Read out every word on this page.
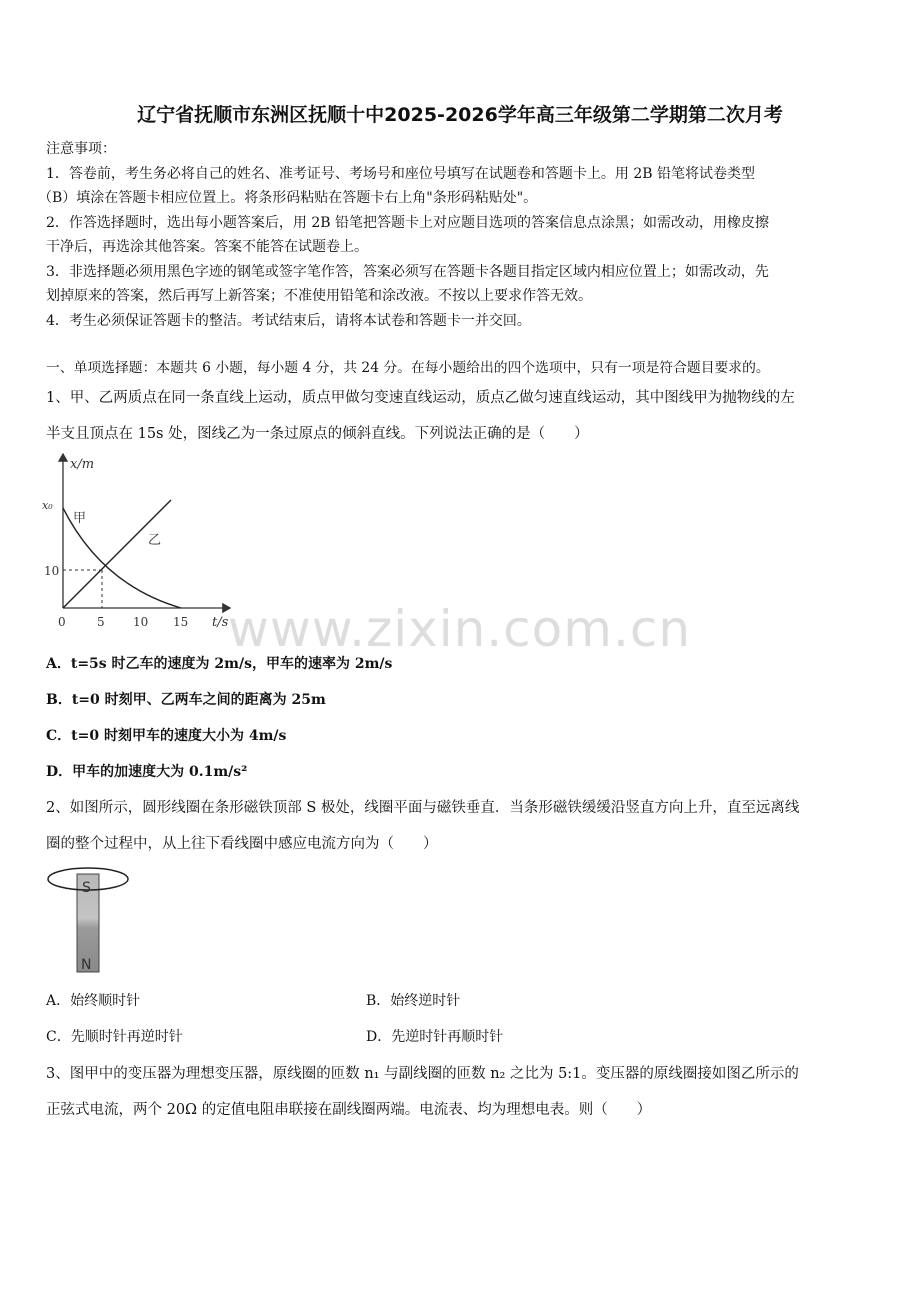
辽宁省抚顺市东洲区抚顺十中2025-2026学年高三年级第二学期第二次月考
注意事项：
1．答卷前，考生务必将自己的姓名、准考证号、考场号和座位号填写在试题卷和答题卡上。用 2B 铅笔将试卷类型
（B）填涂在答题卡相应位置上。将条形码粘贴在答题卡右上角"条形码粘贴处"。
2．作答选择题时，选出每小题答案后，用 2B 铅笔把答题卡上对应题目选项的答案信息点涂黑；如需改动，用橡皮擦
干净后，再选涂其他答案。答案不能答在试题卷上。
3．非选择题必须用黑色字迹的钢笔或签字笔作答，答案必须写在答题卡各题目指定区域内相应位置上；如需改动，先
划掉原来的答案，然后再写上新答案；不准使用铅笔和涂改液。不按以上要求作答无效。
4．考生必须保证答题卡的整洁。考试结束后，请将本试卷和答题卡一并交回。
一、单项选择题：本题共 6 小题，每小题 4 分，共 24 分。在每小题给出的四个选项中，只有一项是符合题目要求的。
1、甲、乙两质点在同一条直线上运动，质点甲做匀变速直线运动，质点乙做匀速直线运动，其中图线甲为抛物线的左
半支且顶点在 15s 处，图线乙为一条过原点的倾斜直线。下列说法正确的是（　　）
x/m
t/s
x₀
10
0	5 10 15
甲
乙
www.zixin.com.cn
A．t=5s 时乙车的速度为 2m/s，甲车的速率为 2m/s
B．t=0 时刻甲、乙两车之间的距离为 25m
C．t=0 时刻甲车的速度大小为 4m/s
D．甲车的加速度大为 0.1m/s²
2、如图所示，圆形线圈在条形磁铁顶部 S 极处，线圈平面与磁铁垂直．当条形磁铁缓缓沿竖直方向上升，直至远离线
圈的整个过程中，从上往下看线圈中感应电流方向为（　　）
S
N
A．始终顺时针	B．始终逆时针
C．先顺时针再逆时针	D．先逆时针再顺时针
3、图甲中的变压器为理想变压器，原线圈的匝数 n₁ 与副线圈的匝数 n₂ 之比为 5:1。变压器的原线圈接如图乙所示的
正弦式电流，两个 20Ω 的定值电阻串联接在副线圈两端。电流表、均为理想电表。则（　　）
